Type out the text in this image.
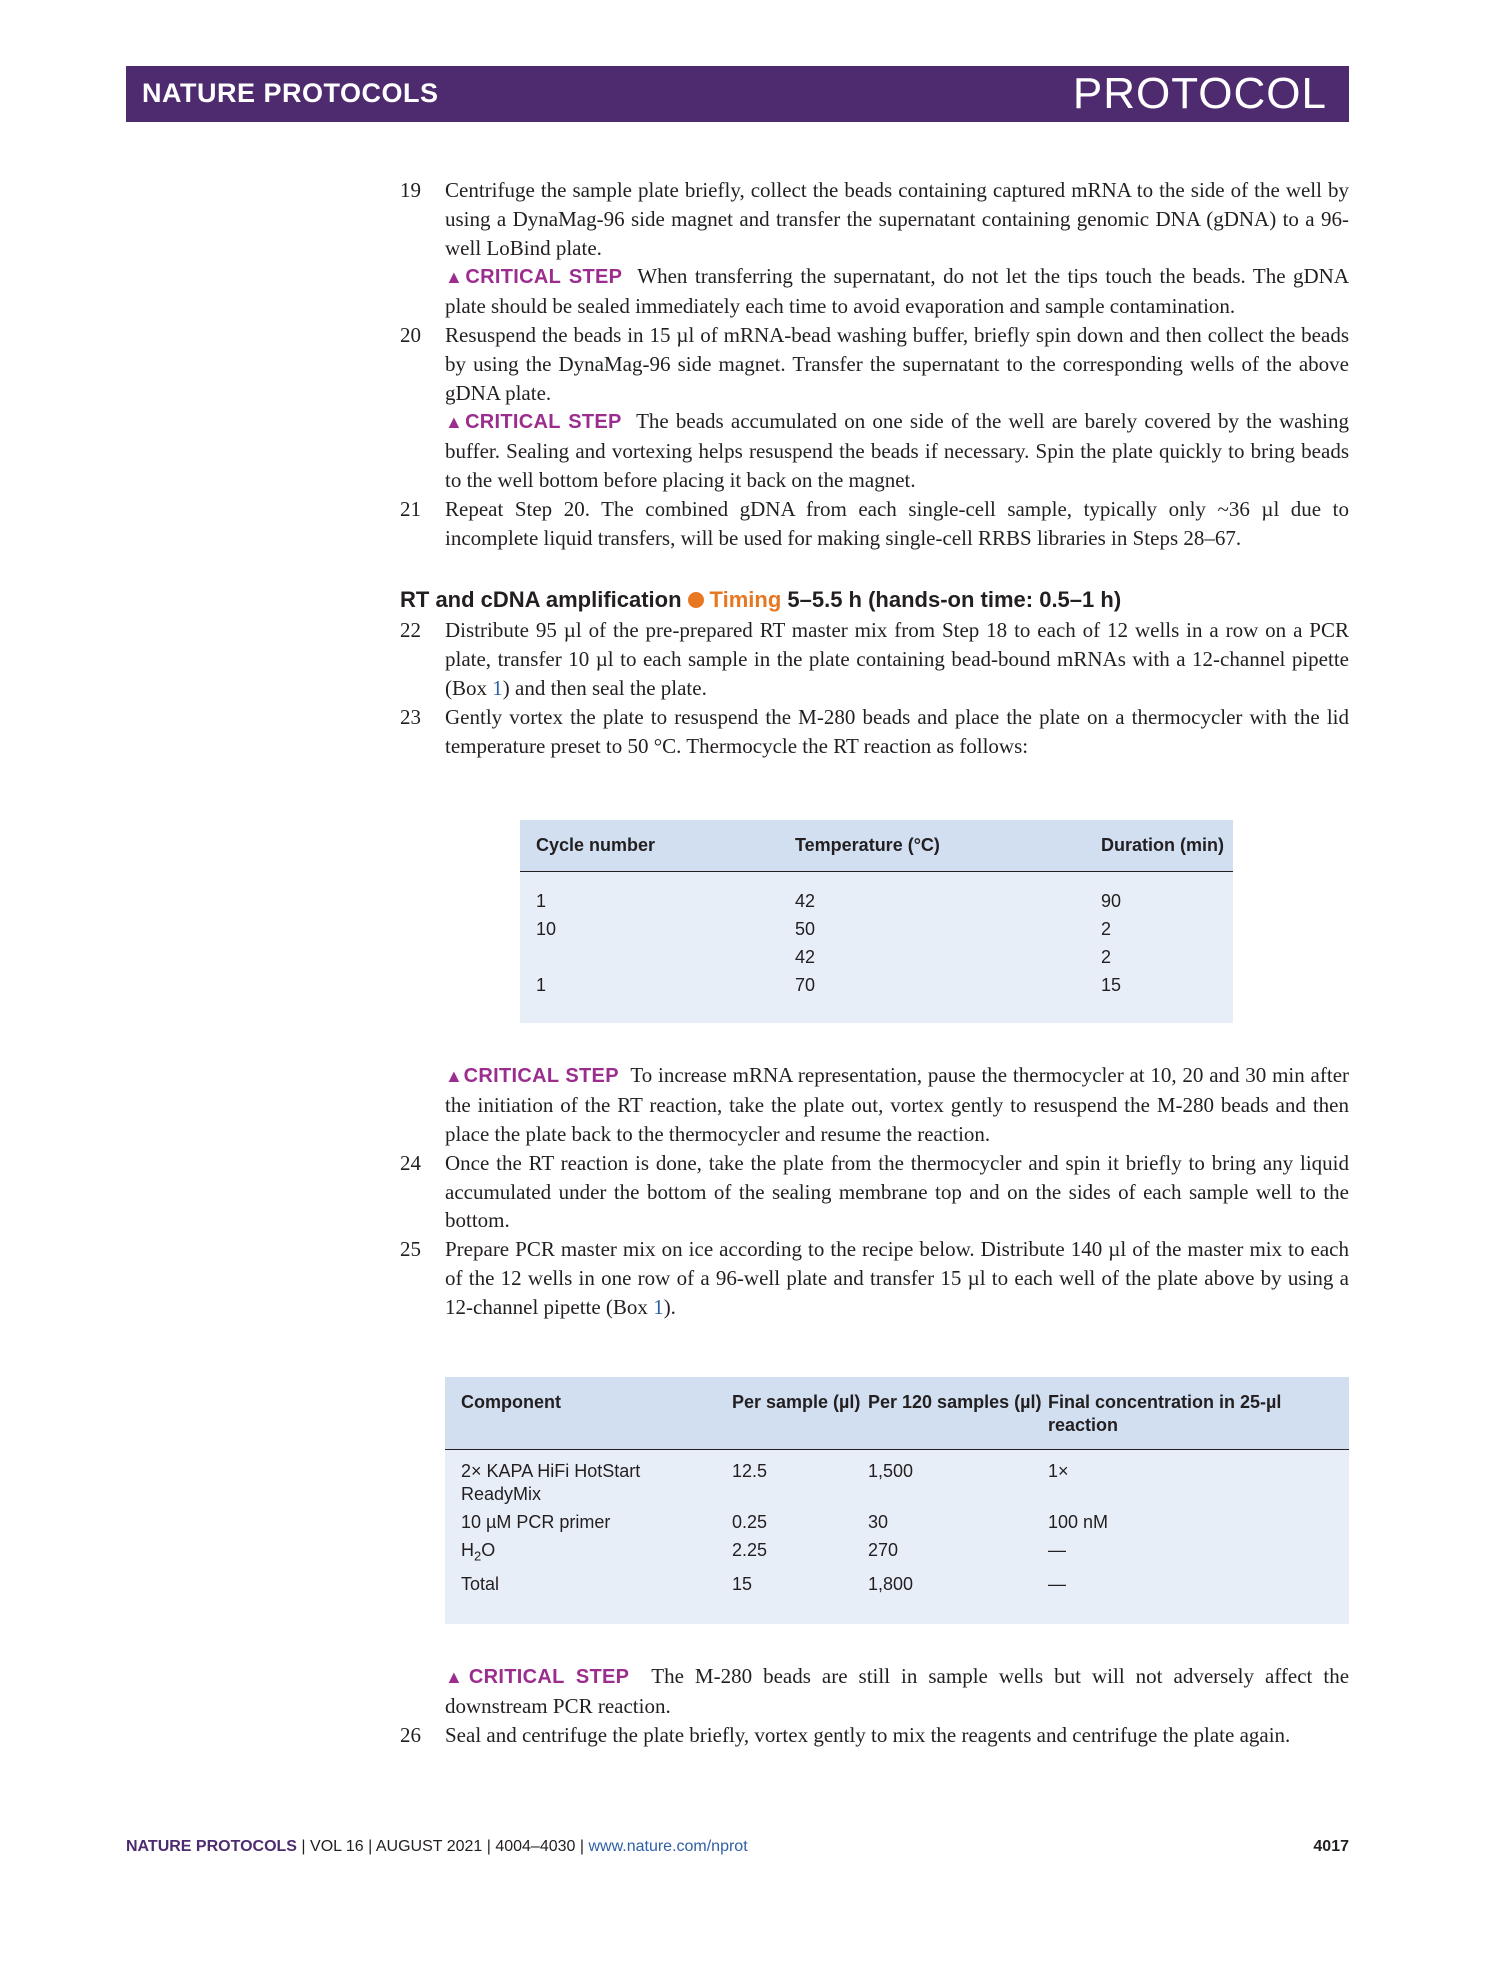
NATURE PROTOCOLS	PROTOCOL
19	Centrifuge the sample plate briefly, collect the beads containing captured mRNA to the side of the well by using a DynaMag-96 side magnet and transfer the supernatant containing genomic DNA (gDNA) to a 96-well LoBind plate.
▲CRITICAL STEP When transferring the supernatant, do not let the tips touch the beads. The gDNA plate should be sealed immediately each time to avoid evaporation and sample contamination.
20	Resuspend the beads in 15 µl of mRNA-bead washing buffer, briefly spin down and then collect the beads by using the DynaMag-96 side magnet. Transfer the supernatant to the corresponding wells of the above gDNA plate.
▲CRITICAL STEP The beads accumulated on one side of the well are barely covered by the washing buffer. Sealing and vortexing helps resuspend the beads if necessary. Spin the plate quickly to bring beads to the well bottom before placing it back on the magnet.
21	Repeat Step 20. The combined gDNA from each single-cell sample, typically only ~36 µl due to incomplete liquid transfers, will be used for making single-cell RRBS libraries in Steps 28–67.
RT and cDNA amplification Timing 5–5.5 h (hands-on time: 0.5–1 h)
22	Distribute 95 µl of the pre-prepared RT master mix from Step 18 to each of 12 wells in a row on a PCR plate, transfer 10 µl to each sample in the plate containing bead-bound mRNAs with a 12-channel pipette (Box 1) and then seal the plate.
23	Gently vortex the plate to resuspend the M-280 beads and place the plate on a thermocycler with the lid temperature preset to 50 °C. Thermocycle the RT reaction as follows:
Cycle number	Temperature (°C)	Duration (min)
1	42	90
10	50	2
	42	2
1	70	15
▲CRITICAL STEP To increase mRNA representation, pause the thermocycler at 10, 20 and 30 min after the initiation of the RT reaction, take the plate out, vortex gently to resuspend the M-280 beads and then place the plate back to the thermocycler and resume the reaction.
24	Once the RT reaction is done, take the plate from the thermocycler and spin it briefly to bring any liquid accumulated under the bottom of the sealing membrane top and on the sides of each sample well to the bottom.
25	Prepare PCR master mix on ice according to the recipe below. Distribute 140 µl of the master mix to each of the 12 wells in one row of a 96-well plate and transfer 15 µl to each well of the plate above by using a 12-channel pipette (Box 1).
Component	Per sample (µl)	Per 120 samples (µl)	Final concentration in 25-µl reaction
2× KAPA HiFi HotStart ReadyMix	12.5	1,500	1×
10 µM PCR primer	0.25	30	100 nM
$H_2O$	2.25	270	—
Total	15	1,800	—
▲CRITICAL STEP The M-280 beads are still in sample wells but will not adversely affect the downstream PCR reaction.
26	Seal and centrifuge the plate briefly, vortex gently to mix the reagents and centrifuge the plate again.
NATURE PROTOCOLS | VOL 16 | AUGUST 2021 | 4004–4030 | www.nature.com/nprot	4017
